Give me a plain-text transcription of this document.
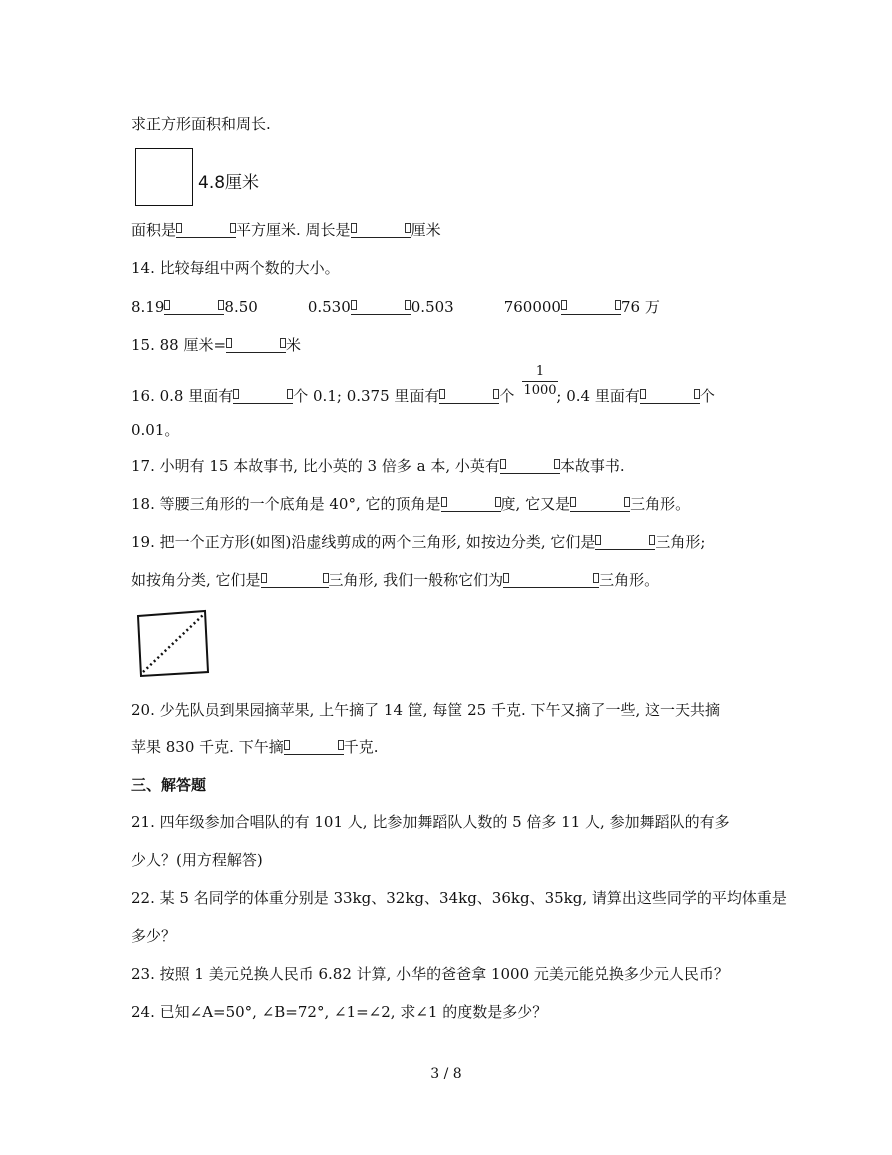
求正方形面积和周长.
4.8厘米
面积是	平方厘米. 周长是	厘米
14. 比较每组中两个数的大小。
8.19	8.50	0.530	0.503	760000	76 万
15. 88 厘米=	米
16. 0.8 里面有	个 0.1; 0.375 里面有	个	; 0.4 里面有	个
1
1000
0.01。
17. 小明有 15 本故事书, 比小英的 3 倍多 a 本, 小英有	本故事书.
18. 等腰三角形的一个底角是 40°, 它的顶角是	度, 它又是	三角形。
19. 把一个正方形(如图)沿虚线剪成的两个三角形, 如按边分类, 它们是	三角形;
如按角分类, 它们是	三角形, 我们一般称它们为	三角形。
20. 少先队员到果园摘苹果, 上午摘了 14 筐, 每筐 25 千克. 下午又摘了一些, 这一天共摘
苹果 830 千克. 下午摘	千克.
三、解答题
21. 四年级参加合唱队的有 101 人, 比参加舞蹈队人数的 5 倍多 11 人, 参加舞蹈队的有多
少人？(用方程解答)
22. 某 5 名同学的体重分别是 33kg、32kg、34kg、36kg、35kg, 请算出这些同学的平均体重是
多少？
23. 按照 1 美元兑换人民币 6.82 计算, 小华的爸爸拿 1000 元美元能兑换多少元人民币？
24. 已知∠A=50°, ∠B=72°, ∠1=∠2, 求∠1 的度数是多少？
3 / 8
